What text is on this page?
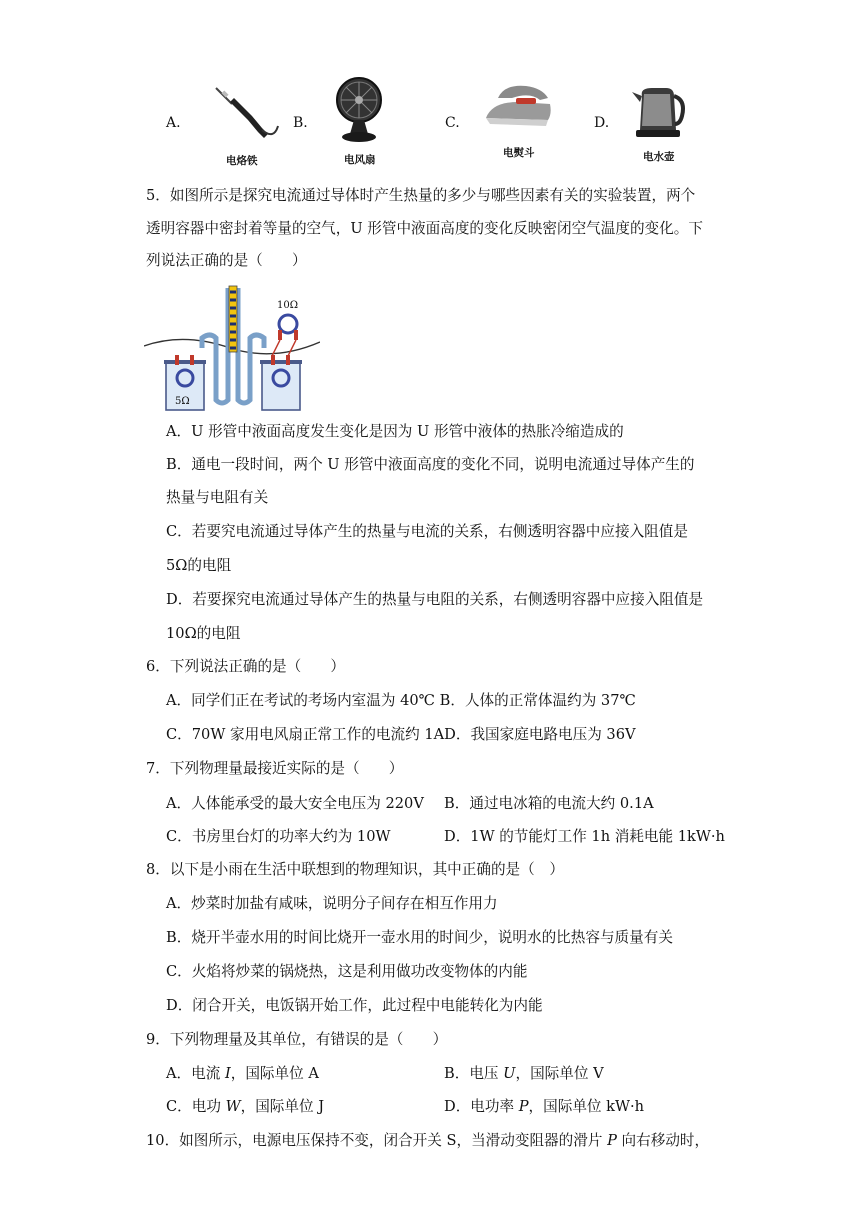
A.
电烙铁
B.
电风扇
C.
电熨斗
D.
电水壶
5．如图所示是探究电流通过导体时产生热量的多少与哪些因素有关的实验装置，两个
透明容器中密封着等量的空气，U 形管中液面高度的变化反映密闭空气温度的变化。下
列说法正确的是（　　）
10Ω
5Ω
A．U 形管中液面高度发生变化是因为 U 形管中液体的热胀冷缩造成的
B．通电一段时间，两个 U 形管中液面高度的变化不同，说明电流通过导体产生的
热量与电阻有关
C．若要究电流通过导体产生的热量与电流的关系，右侧透明容器中应接入阻值是
5Ω的电阻
D．若要探究电流通过导体产生的热量与电阻的关系，右侧透明容器中应接入阻值是
10Ω的电阻
6．下列说法正确的是（　　）
A．同学们正在考试的考场内室温为 40℃ B．人体的正常体温约为 37℃
C．70W 家用电风扇正常工作的电流约 1AD．我国家庭电路电压为 36V
7．下列物理量最接近实际的是（　　）
A．人体能承受的最大安全电压为 220V B．通过电冰箱的电流大约 0.1A
C．书房里台灯的功率大约为 10W	D．1W 的节能灯工作 1h 消耗电能 1kW·h
8．以下是小雨在生活中联想到的物理知识，其中正确的是（　）
A．炒菜时加盐有咸味，说明分子间存在相互作用力
B．烧开半壶水用的时间比烧开一壶水用的时间少，说明水的比热容与质量有关
C．火焰将炒菜的锅烧热，这是利用做功改变物体的内能
D．闭合开关，电饭锅开始工作，此过程中电能转化为内能
9．下列物理量及其单位，有错误的是（　　）
A．电流 I，国际单位 A	B．电压 U，国际单位 V
C．电功 W，国际单位 J	D．电功率 P，国际单位 kW·h
10．如图所示，电源电压保持不变，闭合开关 S，当滑动变阻器的滑片 P 向右移动时，
